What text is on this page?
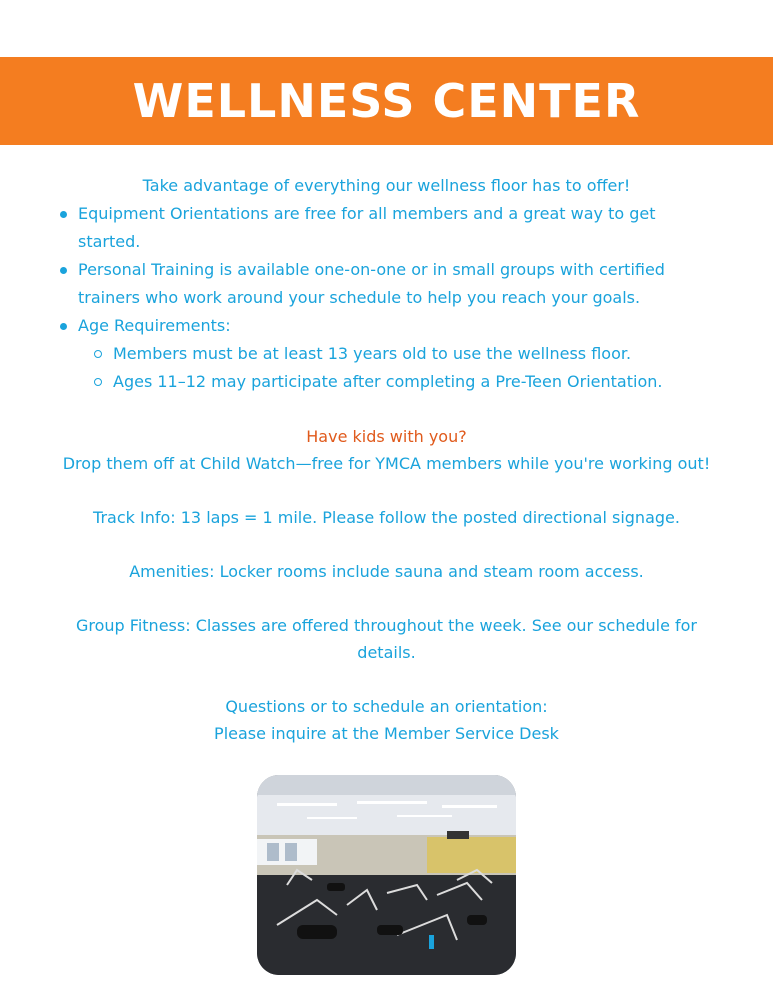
WELLNESS CENTER

Take advantage of everything our wellness floor has to offer!

Equipment Orientations are free for all members and a great way to get started.
Personal Training is available one-on-one or in small groups with certified trainers who work around your schedule to help you reach your goals.
Age Requirements:
Members must be at least 13 years old to use the wellness floor.
Ages 11–12 may participate after completing a Pre-Teen Orientation.

Have kids with you?

Drop them off at Child Watch—free for YMCA members while you're working out!

Track Info: 13 laps = 1 mile. Please follow the posted directional signage.

Amenities: Locker rooms include sauna and steam room access.

Group Fitness: Classes are offered throughout the week. See our schedule for details.

Questions or to schedule an orientation:

Please inquire at the Member Service Desk
